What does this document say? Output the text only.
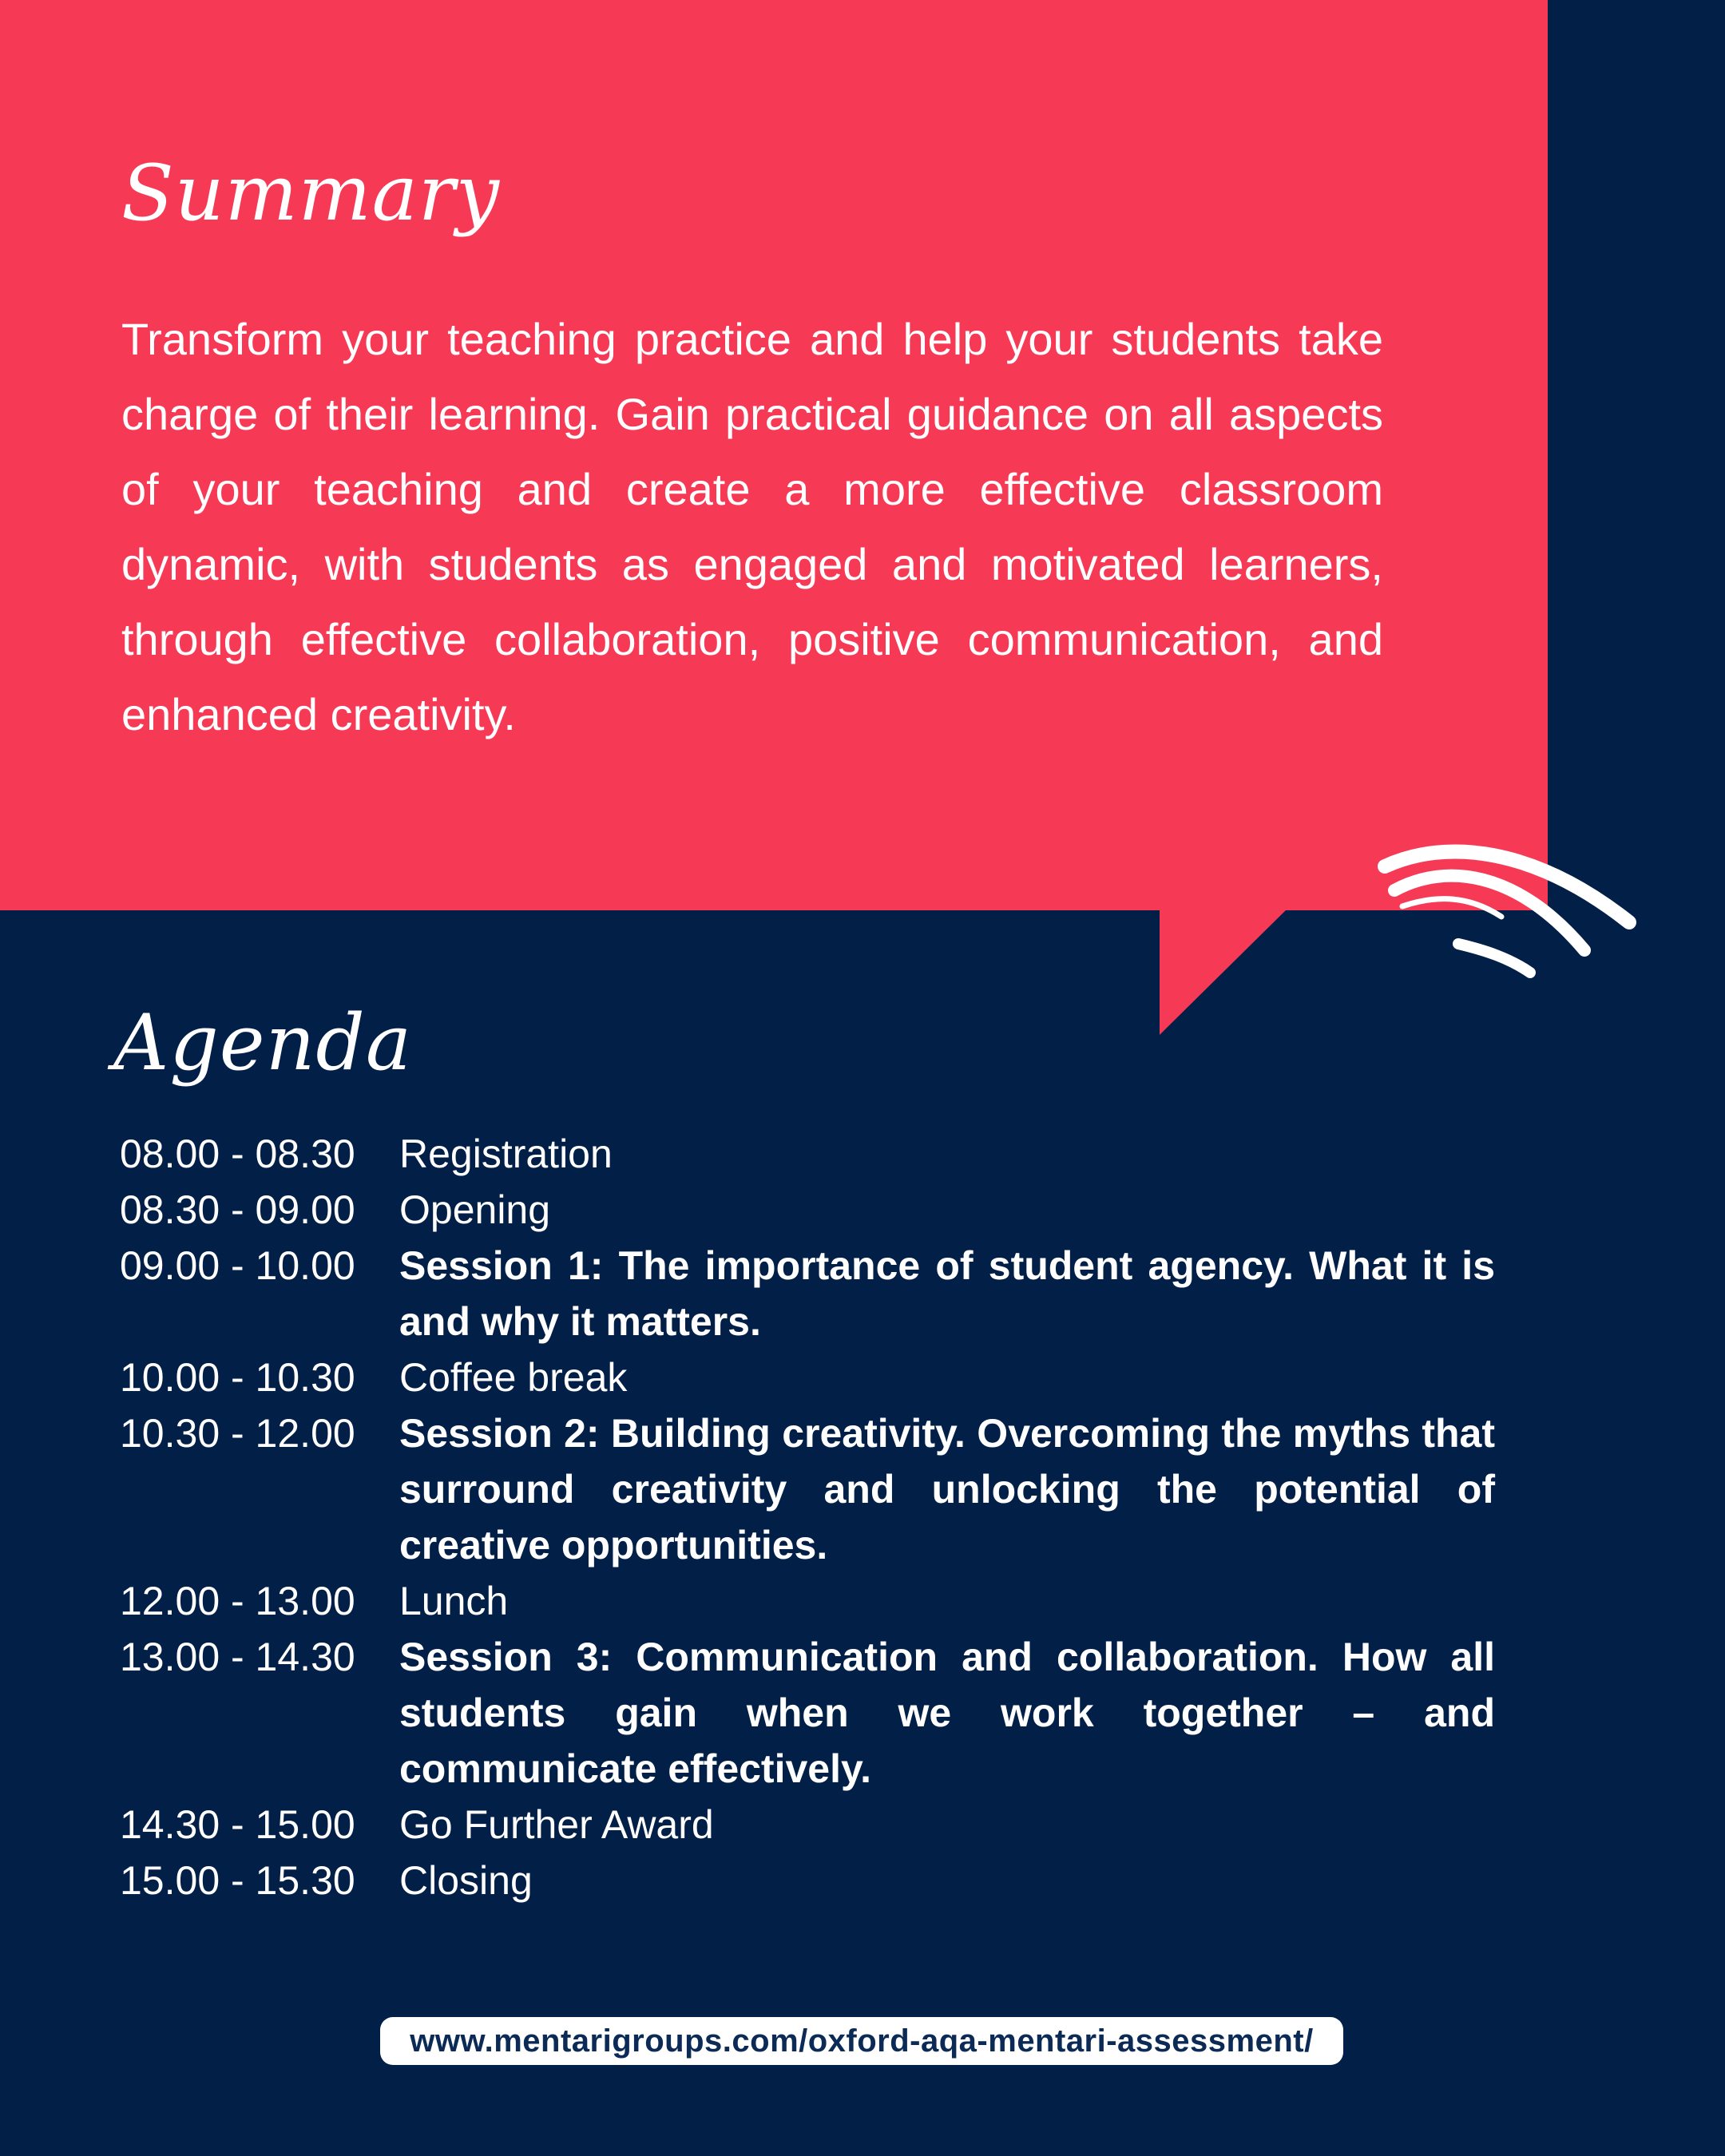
Summary

Transform your teaching practice and help your students take charge of their learning. Gain practical guidance on all aspects of your teaching and create a more effective classroom dynamic, with students as engaged and motivated learners, through effective collaboration, positive communication, and enhanced creativity.

Agenda
08.00 - 08.30	Registration
08.30 - 09.00	Opening
09.00 - 10.00	Session 1: The importance of student agency. What it is and why it matters.
10.00 - 10.30	Coffee break
10.30 - 12.00	Session 2: Building creativity. Overcoming the myths that surround creativity and unlocking the potential of creative opportunities.
12.00 - 13.00	Lunch
13.00 - 14.30	Session 3: Communication and collaboration. How all students gain when we work together – and communicate effectively.
14.30 - 15.00	Go Further Award
15.00 - 15.30	Closing
www.mentarigroups.com/oxford-aqa-mentari-assessment/
